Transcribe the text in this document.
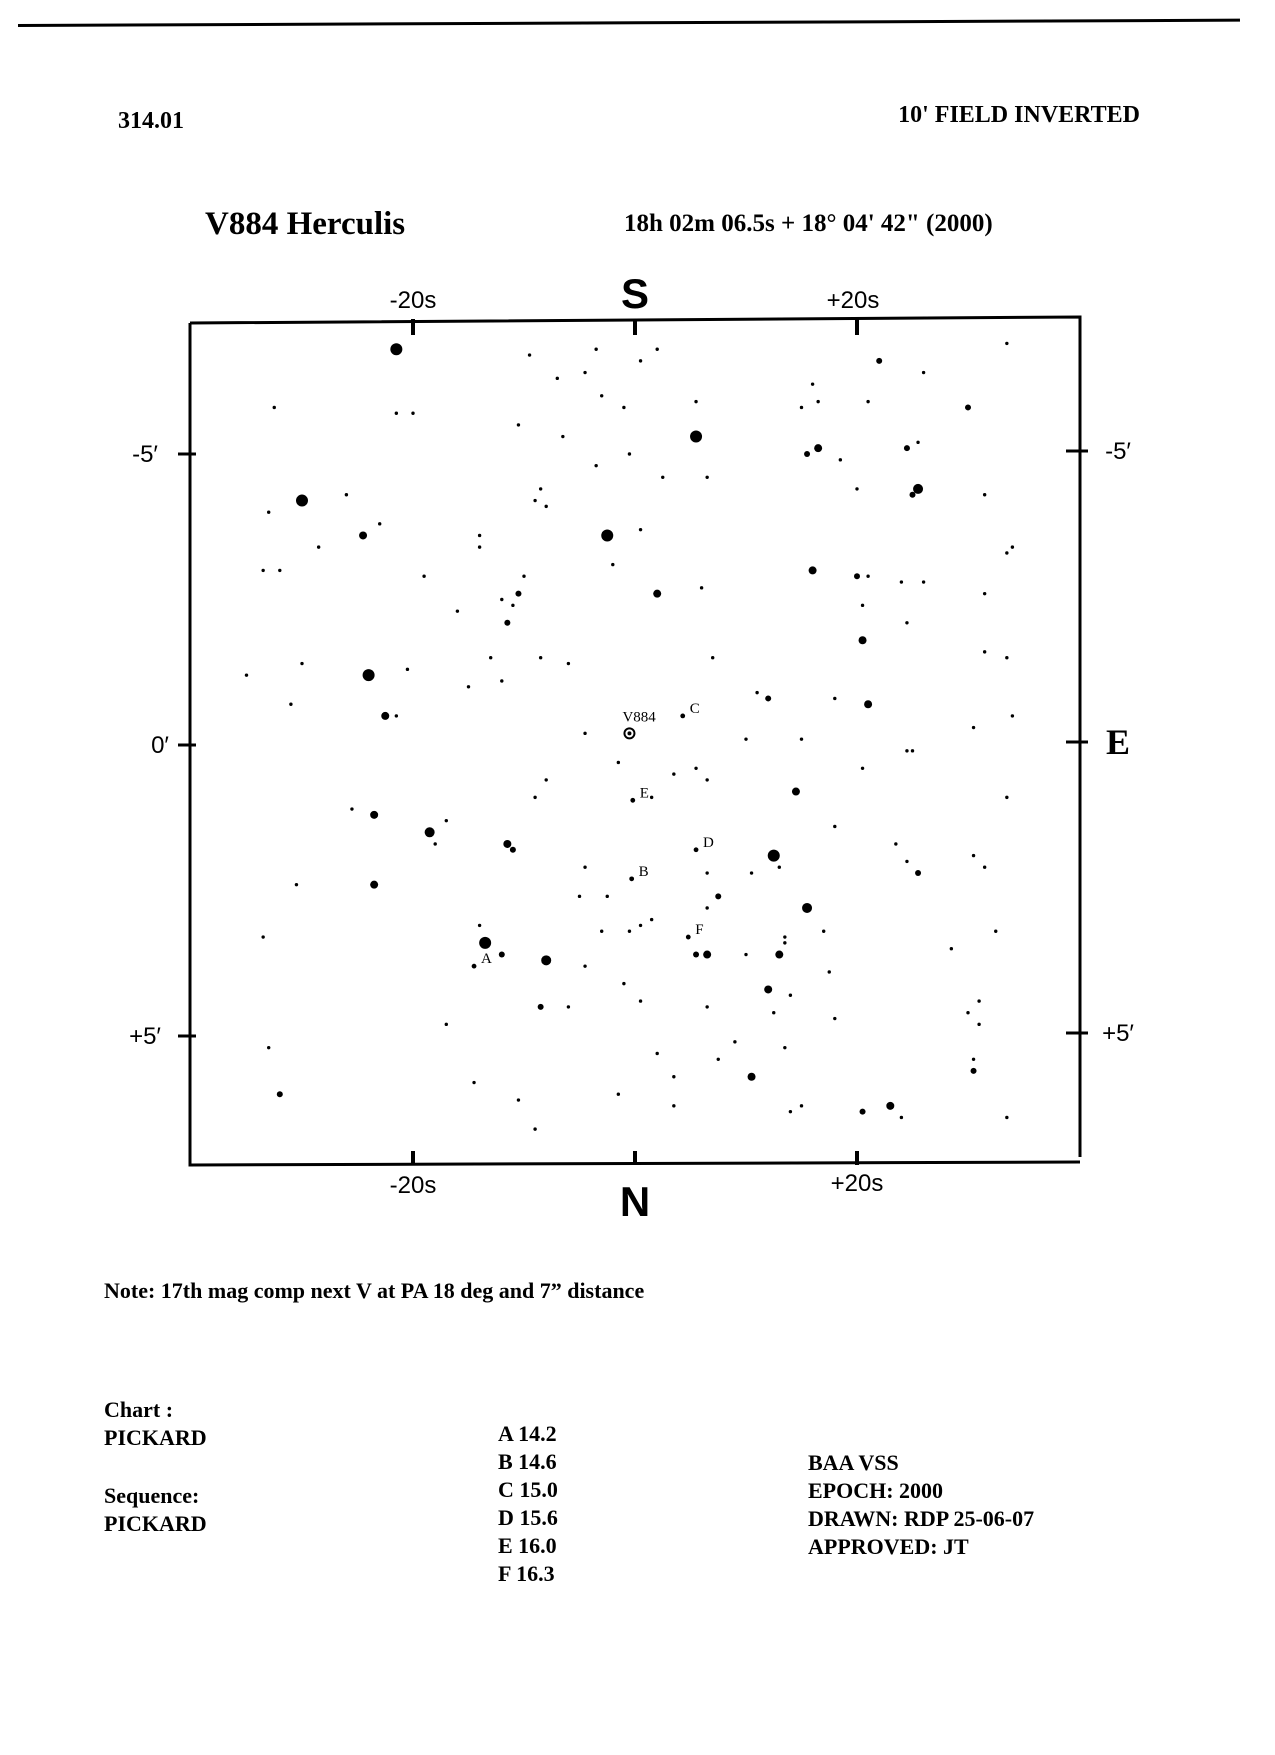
314.01	10' FIELD INVERTED
V884 Herculis	18h 02m 06.5s + 18° 04' 42" (2000)
-20s	+20s
-20s	+20s
-5′
0′
+5′
-5′
+5′
S
N
E
A
B
C
D
E
F
V884
Note: 17th mag comp next V at PA 18 deg and 7” distance
Chart :
PICKARD
Sequence:
PICKARD
A 14.2
B 14.6
C 15.0
D 15.6
E 16.0
F 16.3
BAA VSS
EPOCH: 2000
DRAWN: RDP 25-06-07
APPROVED: JT
